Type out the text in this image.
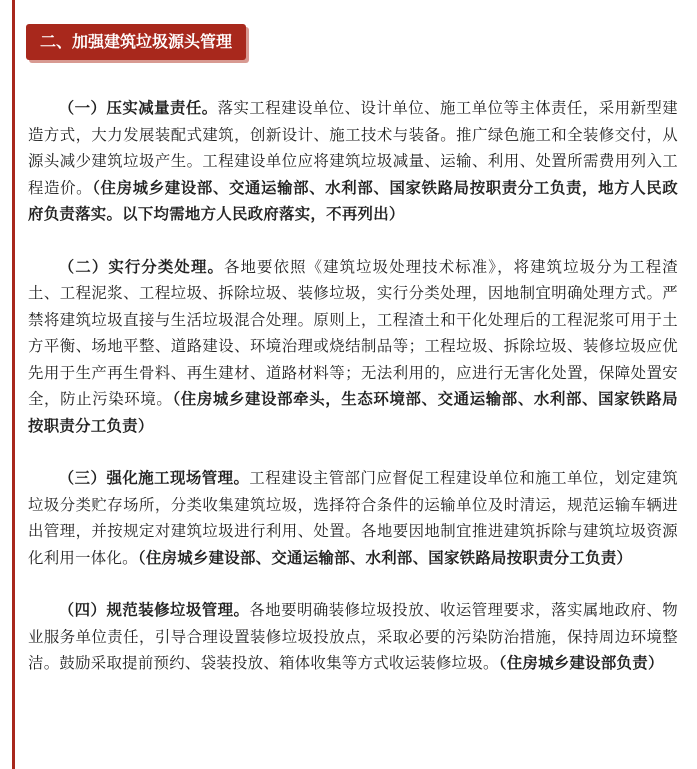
二、加强建筑垃圾源头管理

（一）压实减量责任。落实工程建设单位、设计单位、施工单位等主体责任，采用新型建造方式，大力发展装配式建筑，创新设计、施工技术与装备。推广绿色施工和全装修交付，从源头减少建筑垃圾产生。工程建设单位应将建筑垃圾减量、运输、利用、处置所需费用列入工程造价。（住房城乡建设部、交通运输部、水利部、国家铁路局按职责分工负责，地方人民政府负责落实。以下均需地方人民政府落实，不再列出）

（二）实行分类处理。各地要依照《建筑垃圾处理技术标准》，将建筑垃圾分为工程渣土、工程泥浆、工程垃圾、拆除垃圾、装修垃圾，实行分类处理，因地制宜明确处理方式。严禁将建筑垃圾直接与生活垃圾混合处理。原则上，工程渣土和干化处理后的工程泥浆可用于土方平衡、场地平整、道路建设、环境治理或烧结制品等；工程垃圾、拆除垃圾、装修垃圾应优先用于生产再生骨料、再生建材、道路材料等；无法利用的，应进行无害化处置，保障处置安全，防止污染环境。（住房城乡建设部牵头，生态环境部、交通运输部、水利部、国家铁路局按职责分工负责）

（三）强化施工现场管理。工程建设主管部门应督促工程建设单位和施工单位，划定建筑垃圾分类贮存场所，分类收集建筑垃圾，选择符合条件的运输单位及时清运，规范运输车辆进出管理，并按规定对建筑垃圾进行利用、处置。各地要因地制宜推进建筑拆除与建筑垃圾资源化利用一体化。（住房城乡建设部、交通运输部、水利部、国家铁路局按职责分工负责）

（四）规范装修垃圾管理。各地要明确装修垃圾投放、收运管理要求，落实属地政府、物业服务单位责任，引导合理设置装修垃圾投放点，采取必要的污染防治措施，保持周边环境整洁。鼓励采取提前预约、袋装投放、箱体收集等方式收运装修垃圾。（住房城乡建设部负责）
